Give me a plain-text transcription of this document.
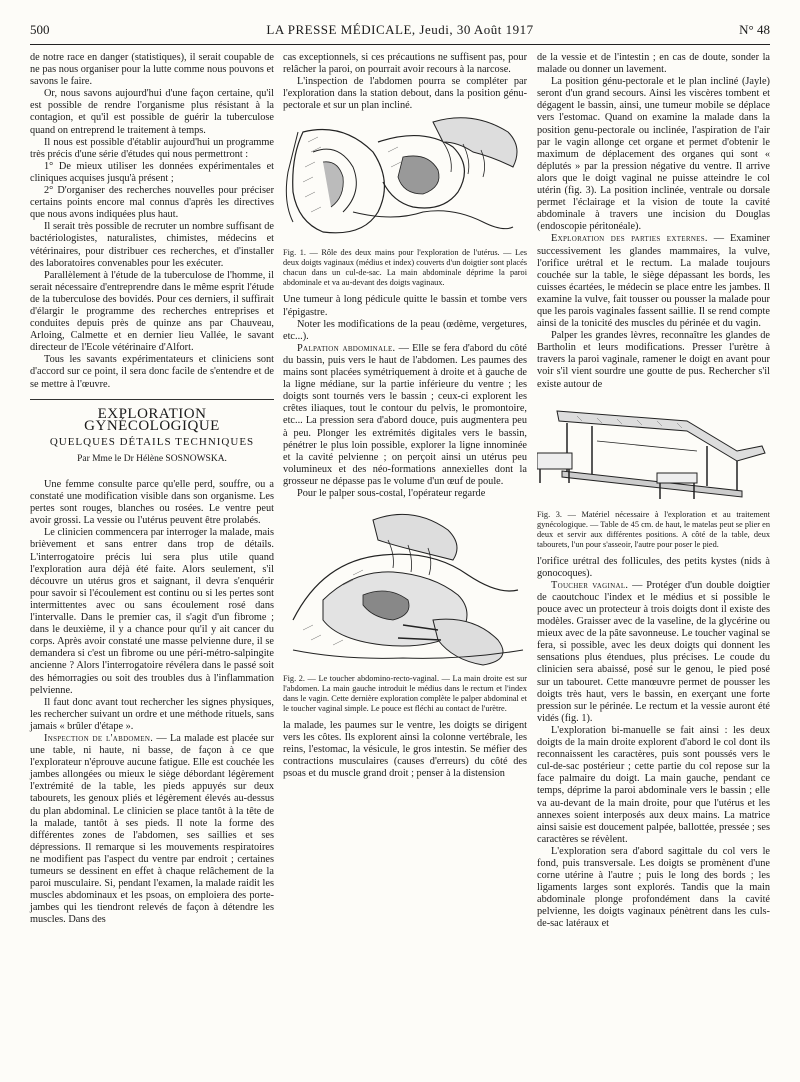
500	LA PRESSE MÉDICALE, Jeudi, 30 Août 1917	N° 48

de notre race en danger (statistiques), il serait coupable de ne pas nous organiser pour la lutte comme nous pouvons et savons le faire.

Or, nous savons aujourd'hui d'une façon certaine, qu'il est possible de rendre l'organisme plus résistant à la contagion, et qu'il est possible de guérir la tuberculose quand on entreprend le traitement à temps.

Il nous est possible d'établir aujourd'hui un programme très précis d'une série d'études qui nous permettront :

1° De mieux utiliser les données expérimentales et cliniques acquises jusqu'à présent ;

2° D'organiser des recherches nouvelles pour préciser certains points encore mal connus d'après les directives que nous avons indiquées plus haut.

Il serait très possible de recruter un nombre suffisant de bactériologistes, naturalistes, chimistes, médecins et vétérinaires, pour distribuer ces recherches, et d'installer des laboratoires convenables pour les exécuter.

Parallèlement à l'étude de la tuberculose de l'homme, il serait nécessaire d'entreprendre dans le même esprit l'étude de la tuberculose des bovidés. Pour ces derniers, il suffirait d'élargir le programme des recherches entreprises et conduites depuis près de quinze ans par Chauveau, Arloing, Calmette et en dernier lieu Vallée, le savant directeur de l'Ecole vétérinaire d'Alfort.

Tous les savants expérimentateurs et cliniciens sont d'accord sur ce point, il sera donc facile de s'entendre et de se mettre à l'œuvre.

EXPLORATION GYNÉCOLOGIQUE
QUELQUES DÉTAILS TECHNIQUES
Par Mme le Dr Hélène SOSNOWSKA.

Une femme consulte parce qu'elle perd, souffre, ou a constaté une modification visible dans son organisme. Les pertes sont rouges, blanches ou rosées. Le ventre peut avoir grossi. La vessie ou l'utérus peuvent être prolabés.

Le clinicien commencera par interroger la malade, mais brièvement et sans entrer dans trop de détails. L'interrogatoire précis lui sera plus utile quand l'exploration aura déjà été faite. Alors seulement, s'il découvre un utérus gros et saignant, il devra s'enquérir pour savoir si l'écoulement est continu ou si les pertes sont intermittentes avec ou sans écoulement rosé dans l'intervalle. Dans le premier cas, il s'agit d'un fibrome ; dans le deuxième, il y a chance pour qu'il y ait cancer du corps. Après avoir constaté une masse pelvienne dure, il se demandera si c'est un fibrome ou une péri-métro-salpingite ancienne ? Alors l'interrogatoire révélera dans le passé soit des hémorragies ou soit des troubles dus à l'inflammation pelvienne.

Il faut donc avant tout rechercher les signes physiques, les rechercher suivant un ordre et une méthode rituels, sans jamais « brûler d'étape ».

Inspection de l'abdomen. — La malade est placée sur une table, ni haute, ni basse, de façon à ce que l'explorateur n'éprouve aucune fatigue. Elle est couchée les jambes allongées ou mieux le siège débordant légèrement l'extrémité de la table, les pieds appuyés sur deux tabourets, les genoux pliés et légèrement élevés au-dessus du plan abdominal. Le clinicien se place tantôt à la tête de la malade, tantôt à ses pieds. Il note la forme des différentes zones de l'abdomen, ses saillies et ses dépressions. Il remarque si les mouvements respiratoires ne modifient pas l'aspect du ventre par endroit ; certaines tumeurs se dessinent en effet à chaque relâchement de la paroi musculaire. Si, pendant l'examen, la malade raidit les muscles abdominaux et les psoas, on emploiera des porte-jambes qui les tiendront relevés de façon à détendre les muscles. Dans des

cas exceptionnels, si ces précautions ne suffisent pas, pour relâcher la paroi, on pourrait avoir recours à la narcose.

L'inspection de l'abdomen pourra se compléter par l'exploration dans la station debout, dans la position génu-pectorale et sur un plan incliné.

Fig. 1. — Rôle des deux mains pour l'exploration de l'utérus. — Les deux doigts vaginaux (médius et index) couverts d'un doigtier sont placés chacun dans un cul-de-sac. La main abdominale déprime la paroi abdominale et va au-devant des doigts vaginaux.

Une tumeur à long pédicule quitte le bassin et tombe vers l'épigastre.

Noter les modifications de la peau (œdème, vergetures, etc...).

Palpation abdominale. — Elle se fera d'abord du côté du bassin, puis vers le haut de l'abdomen. Les paumes des mains sont placées symétriquement à droite et à gauche de la ligne médiane, sur la partie inférieure du ventre ; les doigts sont tournés vers le bassin ; ceux-ci explorent les crêtes iliaques, tout le contour du pelvis, le promontoire, etc... La pression sera d'abord douce, puis augmentera peu à peu. Plonger les extrémités digitales vers le bassin, pénétrer le plus loin possible, explorer la ligne innominée et la cavité pelvienne ; on perçoit ainsi un utérus peu volumineux et des néo-formations annexielles dont la grosseur ne dépasse pas le volume d'un œuf de poule.

Pour le palper sous-costal, l'opérateur regarde

Fig. 2. — Le toucher abdomino-recto-vaginal. — La main droite est sur l'abdomen. La main gauche introduit le médius dans le rectum et l'index dans le vagin. Cette dernière exploration complète le palper abdominal et le toucher vaginal simple. Le pouce est fléchi au contact de l'urètre.

la malade, les paumes sur le ventre, les doigts se dirigent vers les côtes. Ils explorent ainsi la colonne vertébrale, les reins, l'estomac, la vésicule, le gros intestin. Se méfier des contractions musculaires (causes d'erreurs) du côté des psoas et du muscle grand droit ; penser à la distension

de la vessie et de l'intestin ; en cas de doute, sonder la malade ou donner un lavement.

La position génu-pectorale et le plan incliné (Jayle) seront d'un grand secours. Ainsi les viscères tombent et dégagent le bassin, ainsi, une tumeur mobile se déplace vers l'estomac. Quand on examine la malade dans la position genu-pectorale ou inclinée, l'aspiration de l'air par le vagin allonge cet organe et permet d'obtenir le maximum de déplacement des organes qui sont « déplutés » par la pression négative du ventre. Il arrive alors que le doigt vaginal ne puisse atteindre le col utérin (fig. 3). La position inclinée, ventrale ou dorsale permet l'éclairage et la vision de toute la cavité abdominale à travers une incision du Douglas (endoscopie péritonéale).

Exploration des parties externes. — Examiner successivement les glandes mammaires, la vulve, l'orifice urétral et le rectum. La malade toujours couchée sur la table, le siège dépassant les bords, les cuisses écartées, le médecin se place entre les jambes. Il examine la vulve, fait tousser ou pousser la malade pour que les parois vaginales fassent saillie. Il se rend compte ainsi de la tonicité des muscles du périnée et du vagin.

Palper les grandes lèvres, reconnaître les glandes de Bartholin et leurs modifications. Presser l'urètre à travers la paroi vaginale, ramener le doigt en avant pour voir s'il vient sourdre une goutte de pus. Rechercher s'il existe autour de

Fig. 3. — Matériel nécessaire à l'exploration et au traitement gynécologique. — Table de 45 cm. de haut, le matelas peut se plier en deux et servir aux différentes positions. A côté de la table, deux tabourets, l'un pour s'asseoir, l'autre pour poser le pied.

l'orifice urétral des follicules, des petits kystes (nids à gonocoques).

Toucher vaginal. — Protéger d'un double doigtier de caoutchouc l'index et le médius et si possible le pouce avec un protecteur à trois doigts dont il existe des modèles. Graisser avec de la vaseline, de la glycérine ou mieux avec de la pâte savonneuse. Le toucher vaginal se fera, si possible, avec les deux doigts qui donnent les sensations plus étendues, plus précises. Le coude du clinicien sera abaissé, posé sur le genou, le pied posé sur un tabouret. Cette manœuvre permet de pousser les doigts très haut, vers le bassin, en exerçant une forte pression sur le périnée. Le rectum et la vessie auront été vidés (fig. 1).

L'exploration bi-manuelle se fait ainsi : les deux doigts de la main droite explorent d'abord le col dont ils reconnaissent les caractères, puis sont poussés vers le cul-de-sac postérieur ; cette partie du col repose sur la face palmaire du doigt. La main gauche, pendant ce temps, déprime la paroi abdominale vers le bassin ; elle va au-devant de la main droite, pour que l'utérus et les annexes soient interposés aux deux mains. La matrice ainsi saisie est doucement palpée, ballottée, pressée ; ses caractères se révèlent.

L'exploration sera d'abord sagittale du col vers le fond, puis transversale. Les doigts se promènent d'une corne utérine à l'autre ; puis le long des bords ; les ligaments larges sont explorés. Tandis que la main abdominale plonge profondément dans la cavité pelvienne, les doigts vaginaux pénètrent dans les culs-de-sac latéraux et
